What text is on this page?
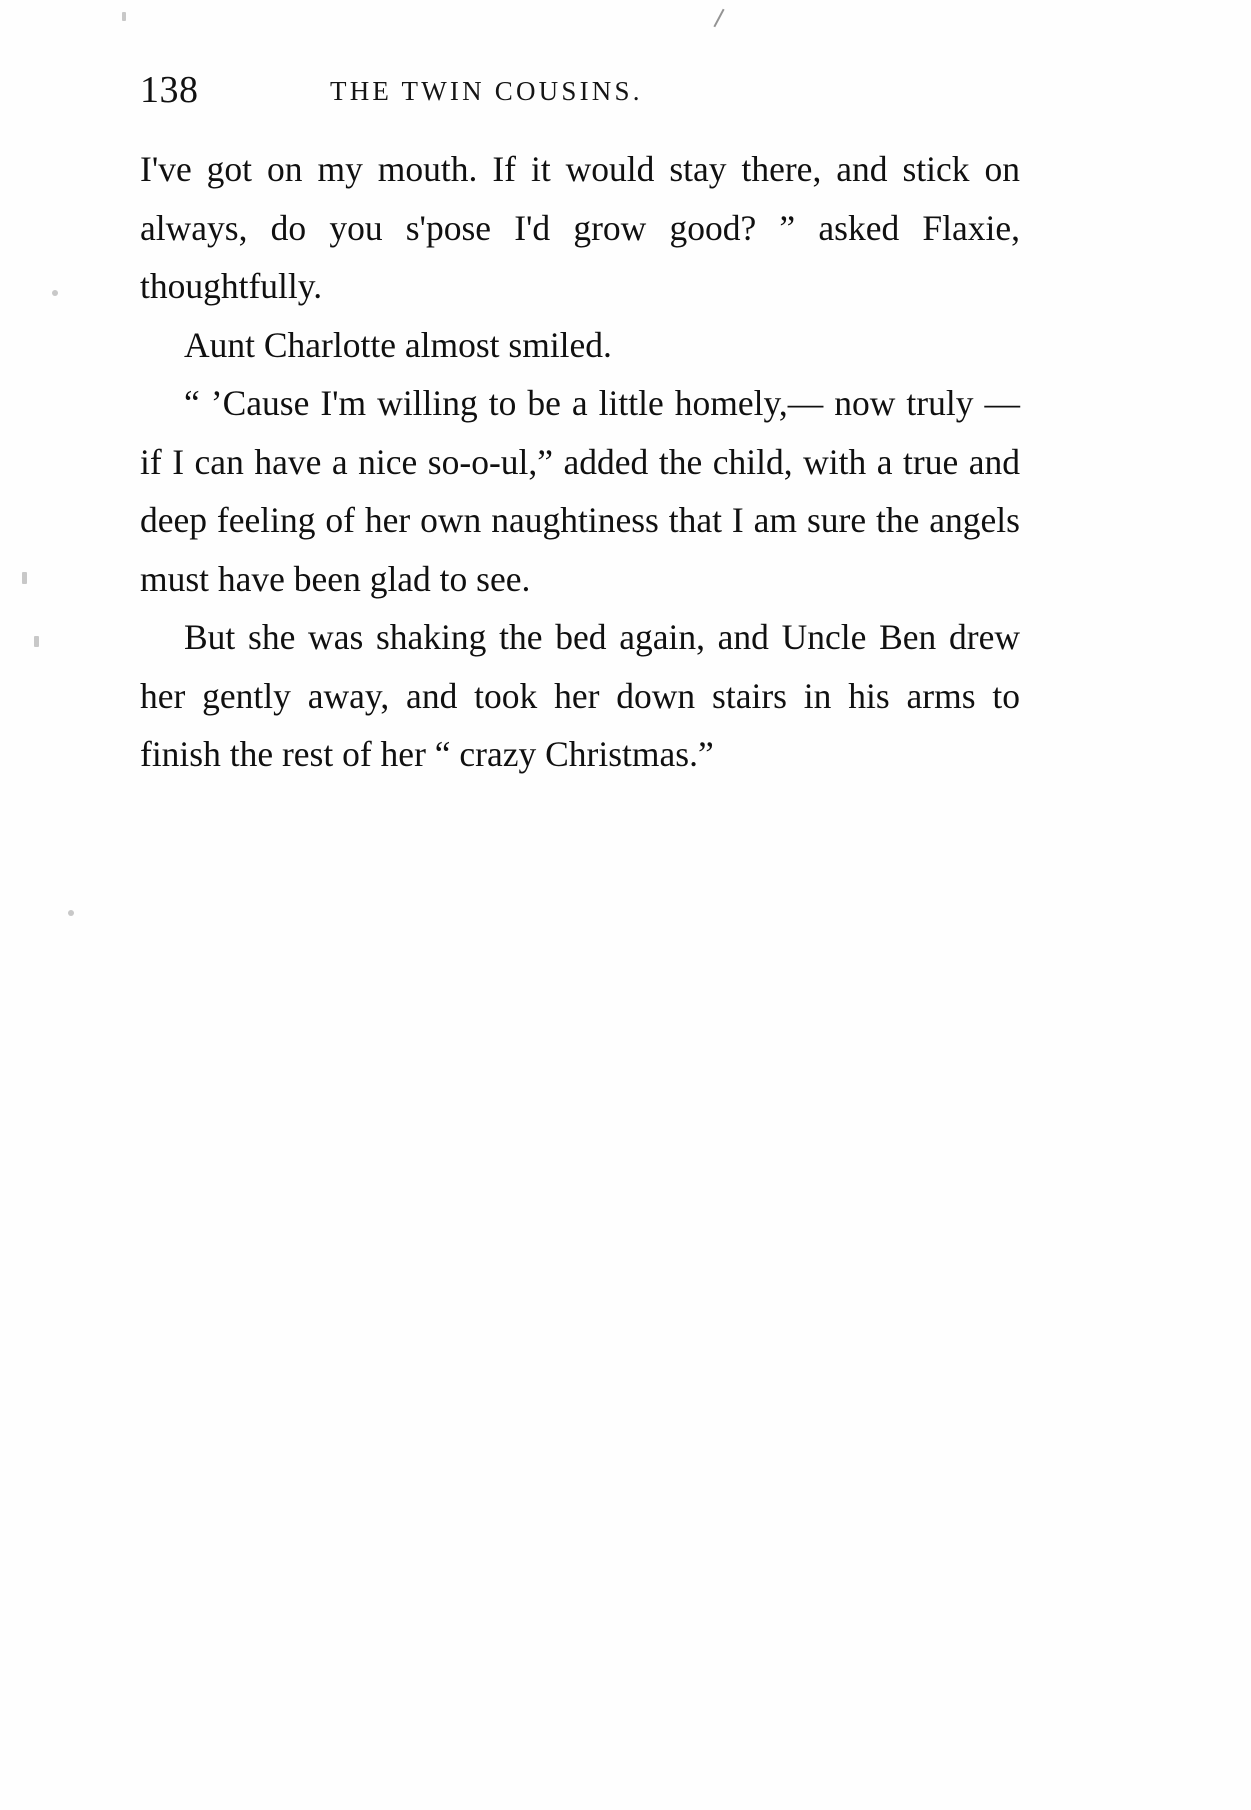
138	THE TWIN COUSINS.

I've got on my mouth. If it would stay there, and stick on always, do you s'pose I'd grow good? ” asked Flaxie, thoughtfully.

Aunt Charlotte almost smiled.

“ ’Cause I'm willing to be a little homely,— now truly — if I can have a nice so-o-ul,” added the child, with a true and deep feeling of her own naughtiness that I am sure the angels must have been glad to see.

But she was shaking the bed again, and Uncle Ben drew her gently away, and took her down stairs in his arms to finish the rest of her “ crazy Christmas.”
